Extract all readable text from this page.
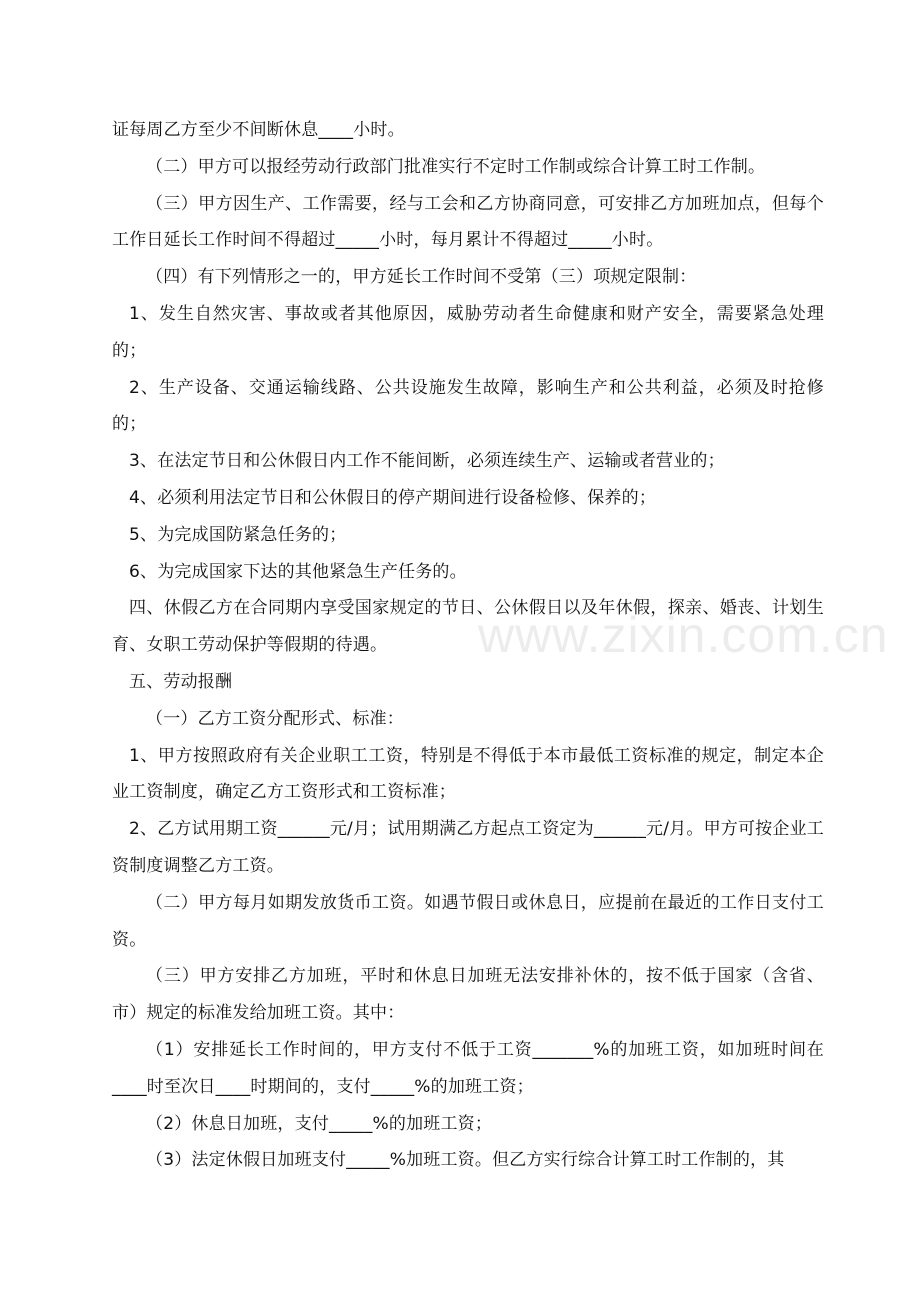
证每周乙方至少不间断休息____小时。

（二）甲方可以报经劳动行政部门批准实行不定时工作制或综合计算工时工作制。

（三）甲方因生产、工作需要，经与工会和乙方协商同意，可安排乙方加班加点，但每个工作日延长工作时间不得超过_____小时，每月累计不得超过_____小时。

（四）有下列情形之一的，甲方延长工作时间不受第（三）项规定限制：

1、发生自然灾害、事故或者其他原因，威胁劳动者生命健康和财产安全，需要紧急处理的；

2、生产设备、交通运输线路、公共设施发生故障，影响生产和公共利益，必须及时抢修的；

3、在法定节日和公休假日内工作不能间断，必须连续生产、运输或者营业的；

4、必须利用法定节日和公休假日的停产期间进行设备检修、保养的；

5、为完成国防紧急任务的；

6、为完成国家下达的其他紧急生产任务的。

四、休假乙方在合同期内享受国家规定的节日、公休假日以及年休假，探亲、婚丧、计划生育、女职工劳动保护等假期的待遇。

五、劳动报酬

（一）乙方工资分配形式、标准：

1、甲方按照政府有关企业职工工资，特别是不得低于本市最低工资标准的规定，制定本企业工资制度，确定乙方工资形式和工资标准；

2、乙方试用期工资______元/月；试用期满乙方起点工资定为______元/月。甲方可按企业工资制度调整乙方工资。

（二）甲方每月如期发放货币工资。如遇节假日或休息日，应提前在最近的工作日支付工资。

（三）甲方安排乙方加班，平时和休息日加班无法安排补休的，按不低于国家（含省、市）规定的标准发给加班工资。其中：

（1）安排延长工作时间的，甲方支付不低于工资_______%的加班工资，如加班时间在____时至次日____时期间的，支付_____%的加班工资；

（2）休息日加班，支付_____%的加班工资；

（3）法定休假日加班支付_____%加班工资。但乙方实行综合计算工时工作制的，其

www.zixin.com.cn
